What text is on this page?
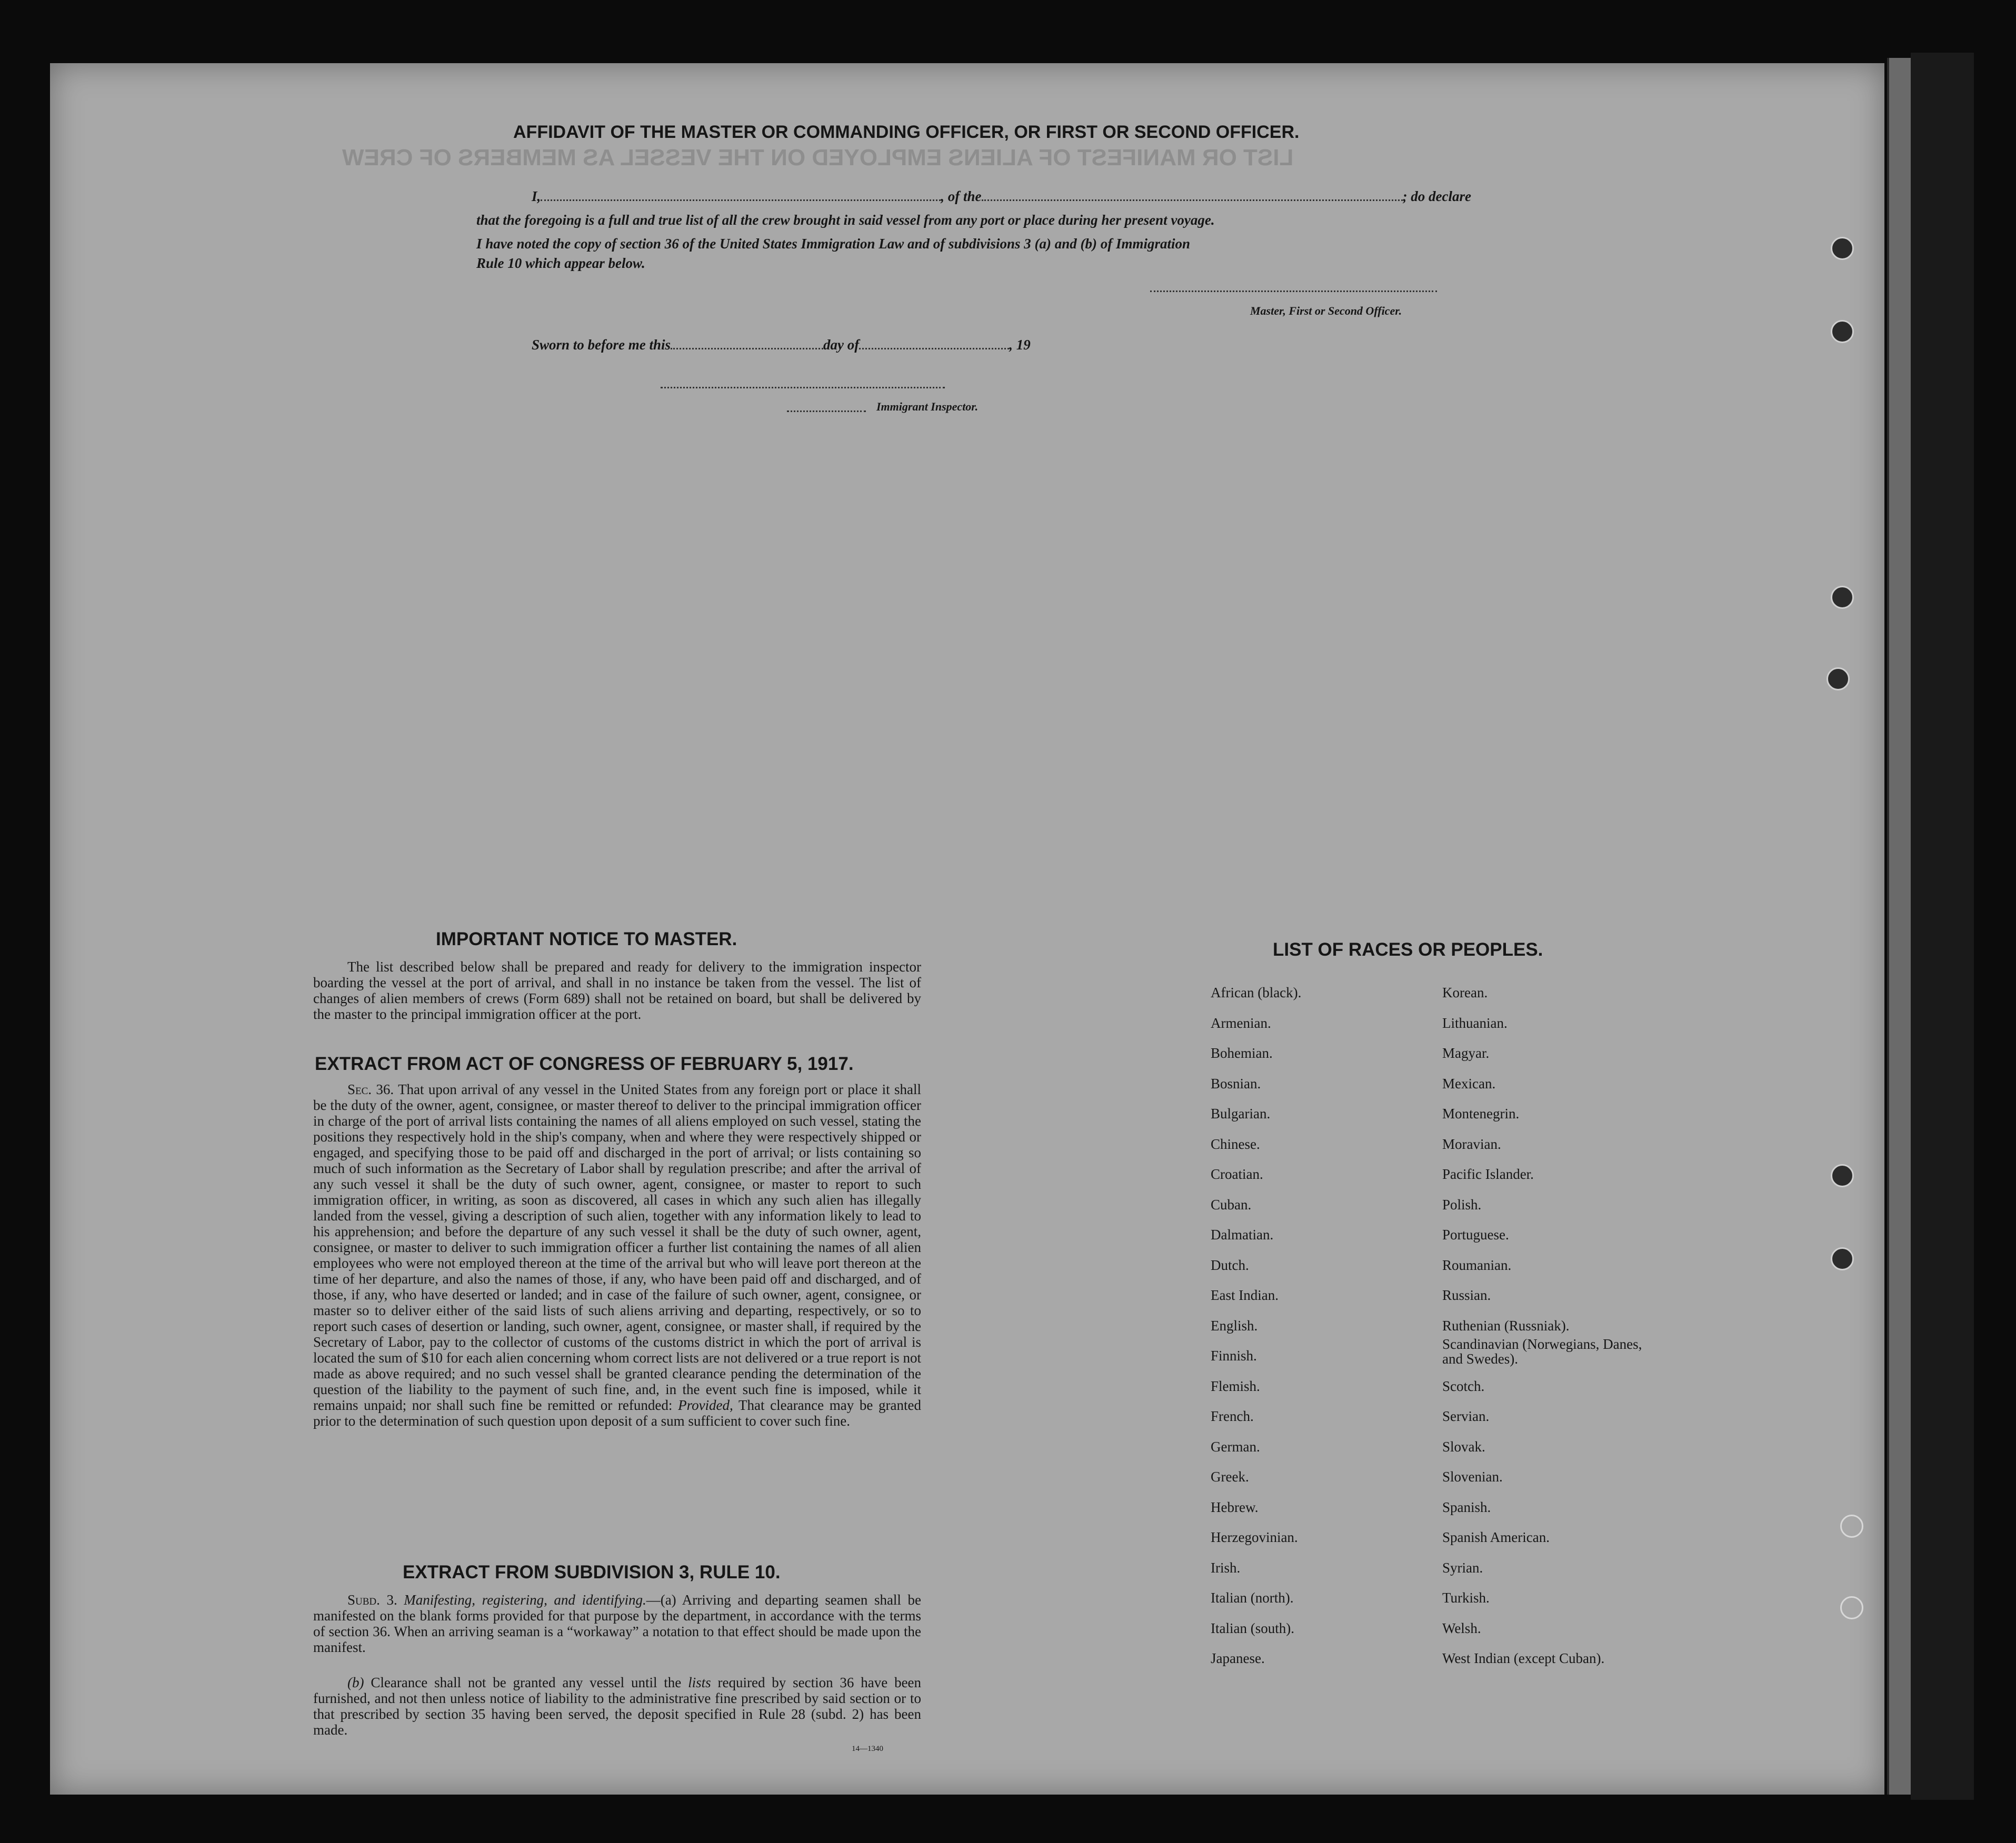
LIST OR MANIFEST OF ALIENS EMPLOYED ON THE VESSEL AS MEMBERS OF CREW
AFFIDAVIT OF THE MASTER OR COMMANDING OFFICER, OR FIRST OR SECOND OFFICER.
I,	, of the	; do declare
that the foregoing is a full and true list of all the crew brought in said vessel from any port or place during her present voyage.
I have noted the copy of section 36 of the United States Immigration Law and of subdivisions 3 (a) and (b) of Immigration
Rule 10 which appear below.
Master, First or Second Officer.
Sworn to before me this	day of	, 19
Immigrant Inspector.
IMPORTANT NOTICE TO MASTER.
The list described below shall be prepared and ready for delivery to the immigration inspector boarding the vessel at the port of arrival, and shall in no instance be taken from the vessel. The list of changes of alien members of crews (Form 689) shall not be retained on board, but shall be delivered by the master to the principal immigration officer at the port.
EXTRACT FROM ACT OF CONGRESS OF FEBRUARY 5, 1917.
Sec. 36. That upon arrival of any vessel in the United States from any foreign port or place it shall be the duty of the owner, agent, consignee, or master thereof to deliver to the principal immigration officer in charge of the port of arrival lists containing the names of all aliens employed on such vessel, stating the positions they respectively hold in the ship's company, when and where they were respectively shipped or engaged, and specifying those to be paid off and discharged in the port of arrival; or lists containing so much of such information as the Secretary of Labor shall by regulation prescribe; and after the arrival of any such vessel it shall be the duty of such owner, agent, consignee, or master to report to such immigration officer, in writing, as soon as discovered, all cases in which any such alien has illegally landed from the vessel, giving a description of such alien, together with any information likely to lead to his apprehension; and before the departure of any such vessel it shall be the duty of such owner, agent, consignee, or master to deliver to such immigration officer a further list containing the names of all alien employees who were not employed thereon at the time of the arrival but who will leave port thereon at the time of her departure, and also the names of those, if any, who have been paid off and discharged, and of those, if any, who have deserted or landed; and in case of the failure of such owner, agent, consignee, or master so to deliver either of the said lists of such aliens arriving and departing, respectively, or so to report such cases of desertion or landing, such owner, agent, consignee, or master shall, if required by the Secretary of Labor, pay to the collector of customs of the customs district in which the port of arrival is located the sum of $10 for each alien concerning whom correct lists are not delivered or a true report is not made as above required; and no such vessel shall be granted clearance pending the determination of the question of the liability to the payment of such fine, and, in the event such fine is imposed, while it remains unpaid; nor shall such fine be remitted or refunded: Provided, That clearance may be granted prior to the determination of such question upon deposit of a sum sufficient to cover such fine.
EXTRACT FROM SUBDIVISION 3, RULE 10.
Subd. 3. Manifesting, registering, and identifying.—(a) Arriving and departing seamen shall be manifested on the blank forms provided for that purpose by the department, in accordance with the terms of section 36. When an arriving seaman is a “workaway” a notation to that effect should be made upon the manifest.
(b) Clearance shall not be granted any vessel until the lists required by section 36 have been furnished, and not then unless notice of liability to the administrative fine prescribed by said section or to that prescribed by section 35 having been served, the deposit specified in Rule 28 (subd. 2) has been made.
14—1340
LIST OF RACES OR PEOPLES.
African (black).
Armenian.
Bohemian.
Bosnian.
Bulgarian.
Chinese.
Croatian.
Cuban.
Dalmatian.
Dutch.
East Indian.
English.
Finnish.
Flemish.
French.
German.
Greek.
Hebrew.
Herzegovinian.
Irish.
Italian (north).
Italian (south).
Japanese.
Korean.
Lithuanian.
Magyar.
Mexican.
Montenegrin.
Moravian.
Pacific Islander.
Polish.
Portuguese.
Roumanian.
Russian.
Ruthenian (Russniak).
Scandinavian (Norwegians, Danes, and Swedes).
Scotch.
Servian.
Slovak.
Slovenian.
Spanish.
Spanish American.
Syrian.
Turkish.
Welsh.
West Indian (except Cuban).
